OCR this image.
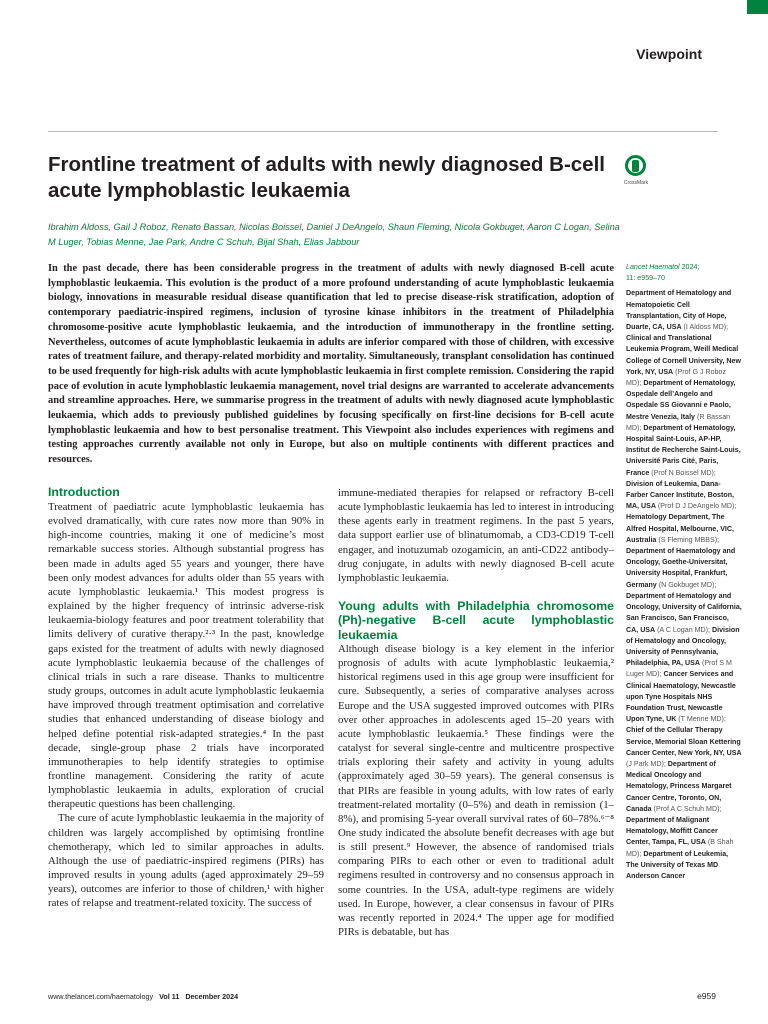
Viewpoint
Frontline treatment of adults with newly diagnosed B-cell acute lymphoblastic leukaemia	CrossMark
Ibrahim Aldoss, Gail J Roboz, Renato Bassan, Nicolas Boissel, Daniel J DeAngelo, Shaun Fleming, Nicola Gokbuget, Aaron C Logan, Selina M Luger, Tobias Menne, Jae Park, Andre C Schuh, Bijal Shah, Elias Jabbour
In the past decade, there has been considerable progress in the treatment of adults with newly diagnosed B-cell acute lymphoblastic leukaemia. This evolution is the product of a more profound understanding of acute lymphoblastic leukaemia biology, innovations in measurable residual disease quantification that led to precise disease-risk stratification, adoption of contemporary paediatric-inspired regimens, inclusion of tyrosine kinase inhibitors in the treatment of Philadelphia chromosome-positive acute lymphoblastic leukaemia, and the introduction of immunotherapy in the frontline setting. Nevertheless, outcomes of acute lymphoblastic leukaemia in adults are inferior compared with those of children, with excessive rates of treatment failure, and therapy-related morbidity and mortality. Simultaneously, transplant consolidation has continued to be used frequently for high-risk adults with acute lymphoblastic leukaemia in first complete remission. Considering the rapid pace of evolution in acute lymphoblastic leukaemia management, novel trial designs are warranted to accelerate advancements and streamline approaches. Here, we summarise progress in the treatment of adults with newly diagnosed acute lymphoblastic leukaemia, which adds to previously published guidelines by focusing specifically on first-line decisions for B-cell acute lymphoblastic leukaemia and how to best personalise treatment. This Viewpoint also includes experiences with regimens and testing approaches currently available not only in Europe, but also on multiple continents with different practices and resources.
Introduction

Treatment of paediatric acute lymphoblastic leukaemia has evolved dramatically, with cure rates now more than 90% in high-income countries, making it one of medicine’s most remarkable success stories. Although substantial progress has been made in adults aged 55 years and younger, there have been only modest advances for adults older than 55 years with acute lymphoblastic leukaemia.¹ This modest progress is explained by the higher frequency of intrinsic adverse-risk leukaemia-biology features and poor treatment tolerability that limits delivery of curative therapy.²·³ In the past, knowledge gaps existed for the treatment of adults with newly diagnosed acute lymphoblastic leukaemia because of the challenges of clinical trials in such a rare disease. Thanks to multicentre study groups, outcomes in adult acute lymphoblastic leukaemia have improved through treatment optimisation and correlative studies that enhanced understanding of disease biology and helped define potential risk-adapted strategies.⁴ In the past decade, single-group phase 2 trials have incorporated immunotherapies to help identify strategies to optimise frontline management. Considering the rarity of acute lymphoblastic leukaemia in adults, exploration of crucial therapeutic questions has been challenging.

The cure of acute lymphoblastic leukaemia in the majority of children was largely accomplished by optimising frontline chemotherapy, which led to similar approaches in adults. Although the use of paediatric-inspired regimens (PIRs) has improved results in young adults (aged approximately 29–59 years), outcomes are inferior to those of children,¹ with higher rates of relapse and treatment-related toxicity. The success of

immune-mediated therapies for relapsed or refractory B-cell acute lymphoblastic leukaemia has led to interest in introducing these agents early in treatment regimens. In the past 5 years, data support earlier use of blinatumomab, a CD3-CD19 T-cell engager, and inotuzumab ozogamicin, an anti-CD22 antibody–drug conjugate, in adults with newly diagnosed B-cell acute lymphoblastic leukaemia.

Young adults with Philadelphia chromosome (Ph)-negative B-cell acute lymphoblastic leukaemia

Although disease biology is a key element in the inferior prognosis of adults with acute lymphoblastic leukaemia,² historical regimens used in this age group were insufficient for cure. Subsequently, a series of comparative analyses across Europe and the USA suggested improved outcomes with PIRs over other approaches in adolescents aged 15–20 years with acute lymphoblastic leukaemia.⁵ These findings were the catalyst for several single-centre and multicentre prospective trials exploring their safety and activity in young adults (approximately aged 30–59 years). The general consensus is that PIRs are feasible in young adults, with low rates of early treatment-related mortality (0–5%) and death in remission (1–8%), and promising 5-year overall survival rates of 60–78%.⁶⁻⁸ One study indicated the absolute benefit decreases with age but is still present.⁹ However, the absence of randomised trials comparing PIRs to each other or even to traditional adult regimens resulted in controversy and no consensus approach in some countries. In the USA, adult-type regimens are widely used. In Europe, however, a clear consensus in favour of PIRs was recently reported in 2024.⁴ The upper age for modified PIRs is debatable, but has

Lancet Haematol 2024;
11: e959–70
Department of Hematology and Hematopoietic Cell Transplantation, City of Hope, Duarte, CA, USA (I Aldoss MD); Clinical and Translational Leukemia Program, Weill Medical College of Cornell University, New York, NY, USA (Prof G J Roboz MD); Department of Hematology, Ospedale dell’Angelo and Ospedale SS Giovanni e Paolo, Mestre Venezia, Italy (R Bassan MD); Department of Hematology, Hospital Saint-Louis, AP-HP, Institut de Recherche Saint-Louis, Université Paris Cité, Paris, France (Prof N Boissel MD); Division of Leukemia, Dana-Farber Cancer Institute, Boston, MA, USA (Prof D J DeAngelo MD); Hematology Department, The Alfred Hospital, Melbourne, VIC, Australia (S Fleming MBBS); Department of Haematology and Oncology, Goethe-Universitat, University Hospital, Frankfurt, Germany (N Gokbuget MD); Department of Hematology and Oncology, University of California, San Francisco, San Francisco, CA, USA (A C Logan MD); Division of Hematology and Oncology, University of Pennsylvania, Philadelphia, PA, USA (Prof S M Luger MD); Cancer Services and Clinical Haematology, Newcastle upon Tyne Hospitals NHS Foundation Trust, Newcastle Upon Tyne, UK (T Menne MD); Chief of the Cellular Therapy Service, Memorial Sloan Kettering Cancer Center, New York, NY, USA (J Park MD); Department of Medical Oncology and Hematology, Princess Margaret Cancer Centre, Toronto, ON, Canada (Prof A C Schuh MD); Department of Malignant Hematology, Moffitt Cancer Center, Tampa, FL, USA (B Shah MD); Department of Leukemia, The University of Texas MD Anderson Cancer
www.thelancet.com/haematology Vol 11 December 2024	e959
